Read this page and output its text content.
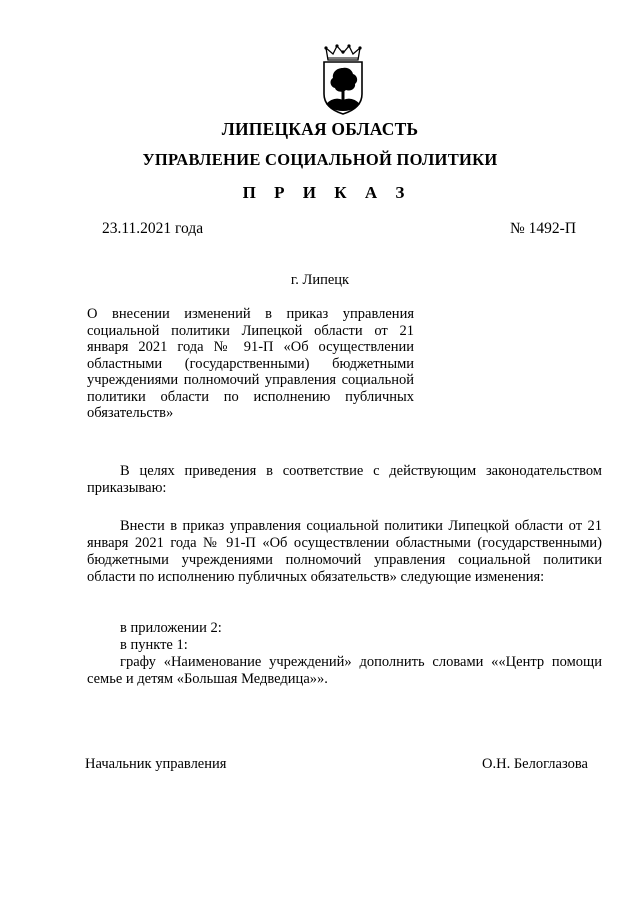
ЛИПЕЦКАЯ ОБЛАСТЬ
УПРАВЛЕНИЕ СОЦИАЛЬНОЙ ПОЛИТИКИ
П Р И К А З
23.11.2021 года	№ 1492-П
г. Липецк
О внесении изменений в приказ управления социальной политики Липецкой области от 21 января 2021 года № 91-П «Об осуществлении областными (государственными) бюджетными учреждениями полномочий управления социальной политики области по исполнению публичных обязательств»
В целях приведения в соответствие с действующим законодательством приказываю:
Внести в приказ управления социальной политики Липецкой области от 21 января 2021 года № 91-П «Об осуществлении областными (государственными) бюджетными учреждениями полномочий управления социальной политики области по исполнению публичных обязательств» следующие изменения:
в приложении 2:
в пункте 1:
графу «Наименование учреждений» дополнить словами ««Центр помощи семье и детям «Большая Медведица»».
Начальник управления	О.Н. Белоглазова
